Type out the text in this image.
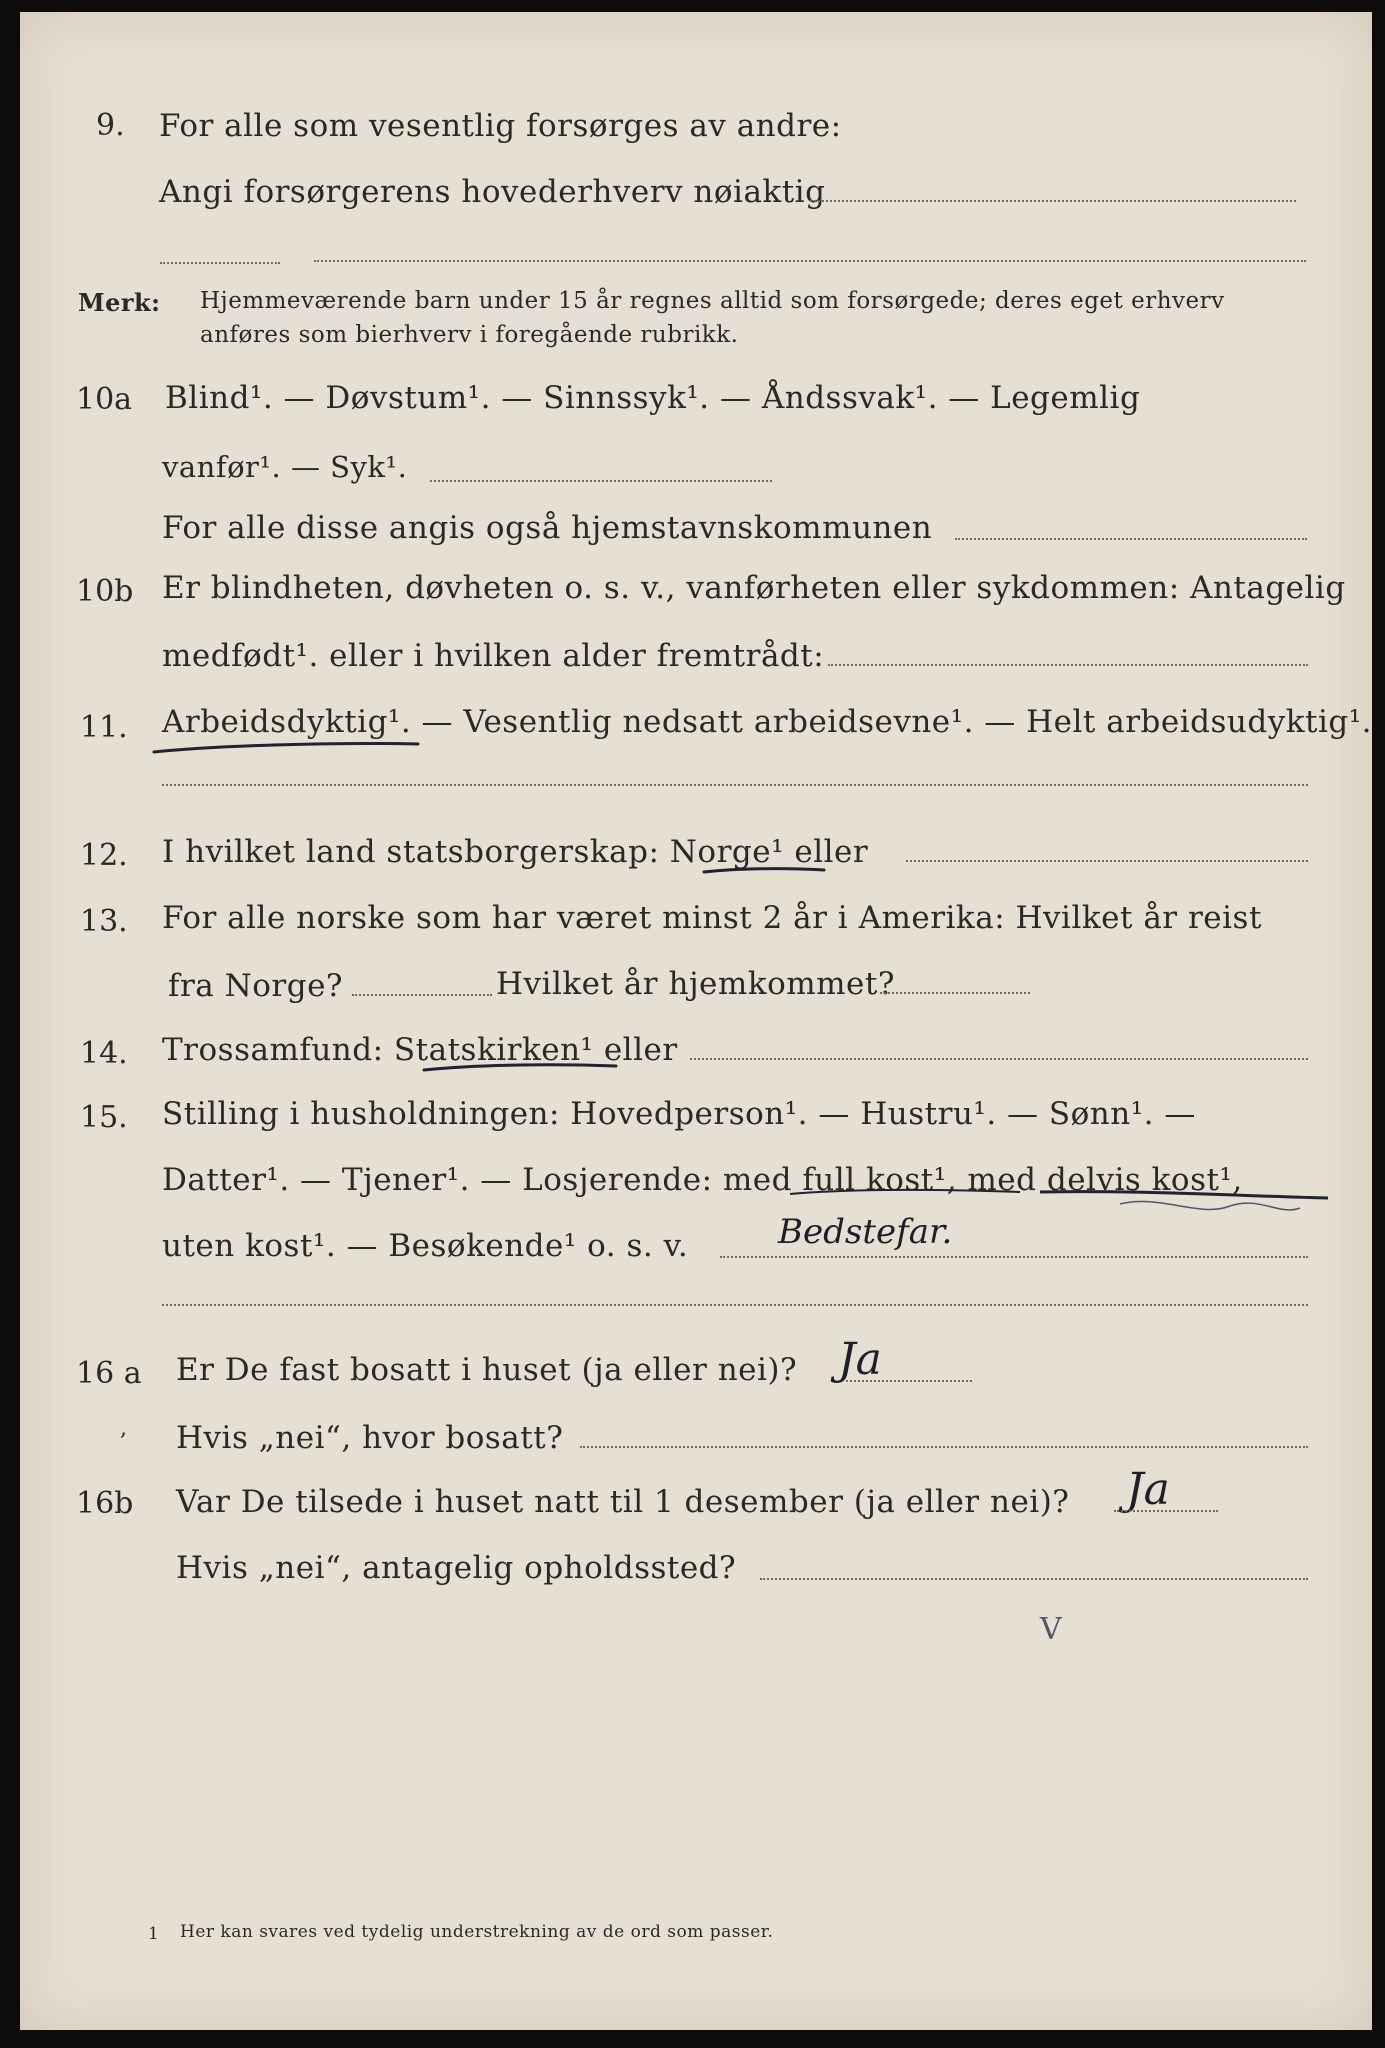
9. For alle som vesentlig forsørges av andre:
Angi forsørgerens hovederhverv nøiaktig
Merk: Hjemmeværende barn under 15 år regnes alltid som forsørgede; deres eget erhverv
anføres som bierhverv i foregående rubrikk.
10a Blind¹. — Døvstum¹. — Sinnssyk¹. — Åndssvak¹. — Legemlig
vanfør¹. — Syk¹.
For alle disse angis også hjemstavnskommunen
10b Er blindheten, døvheten o. s. v., vanførheten eller sykdommen: Antagelig
medfødt¹. eller i hvilken alder fremtrådt:
11. Arbeidsdyktig¹. — Vesentlig nedsatt arbeidsevne¹. — Helt arbeidsudyktig¹.
12. I hvilket land statsborgerskap: Norge¹ eller
13. For alle norske som har været minst 2 år i Amerika: Hvilket år reist
fra Norge?	Hvilket år hjemkommet?
14. Trossamfund: Statskirken¹ eller
15. Stilling i husholdningen: Hovedperson¹. — Hustru¹. — Sønn¹. —
Datter¹. — Tjener¹. — Losjerende: med full kost¹, med delvis kost¹,
uten kost¹. — Besøkende¹ o. s. v.	Bedstefar.
16 a Er De fast bosatt i huset (ja eller nei)? Ja
, Hvis „nei“, hvor bosatt?
16b Var De tilsede i huset natt til 1 desember (ja eller nei)? Ja
Hvis „nei“, antagelig opholdssted?
V
1 Her kan svares ved tydelig understrekning av de ord som passer.
